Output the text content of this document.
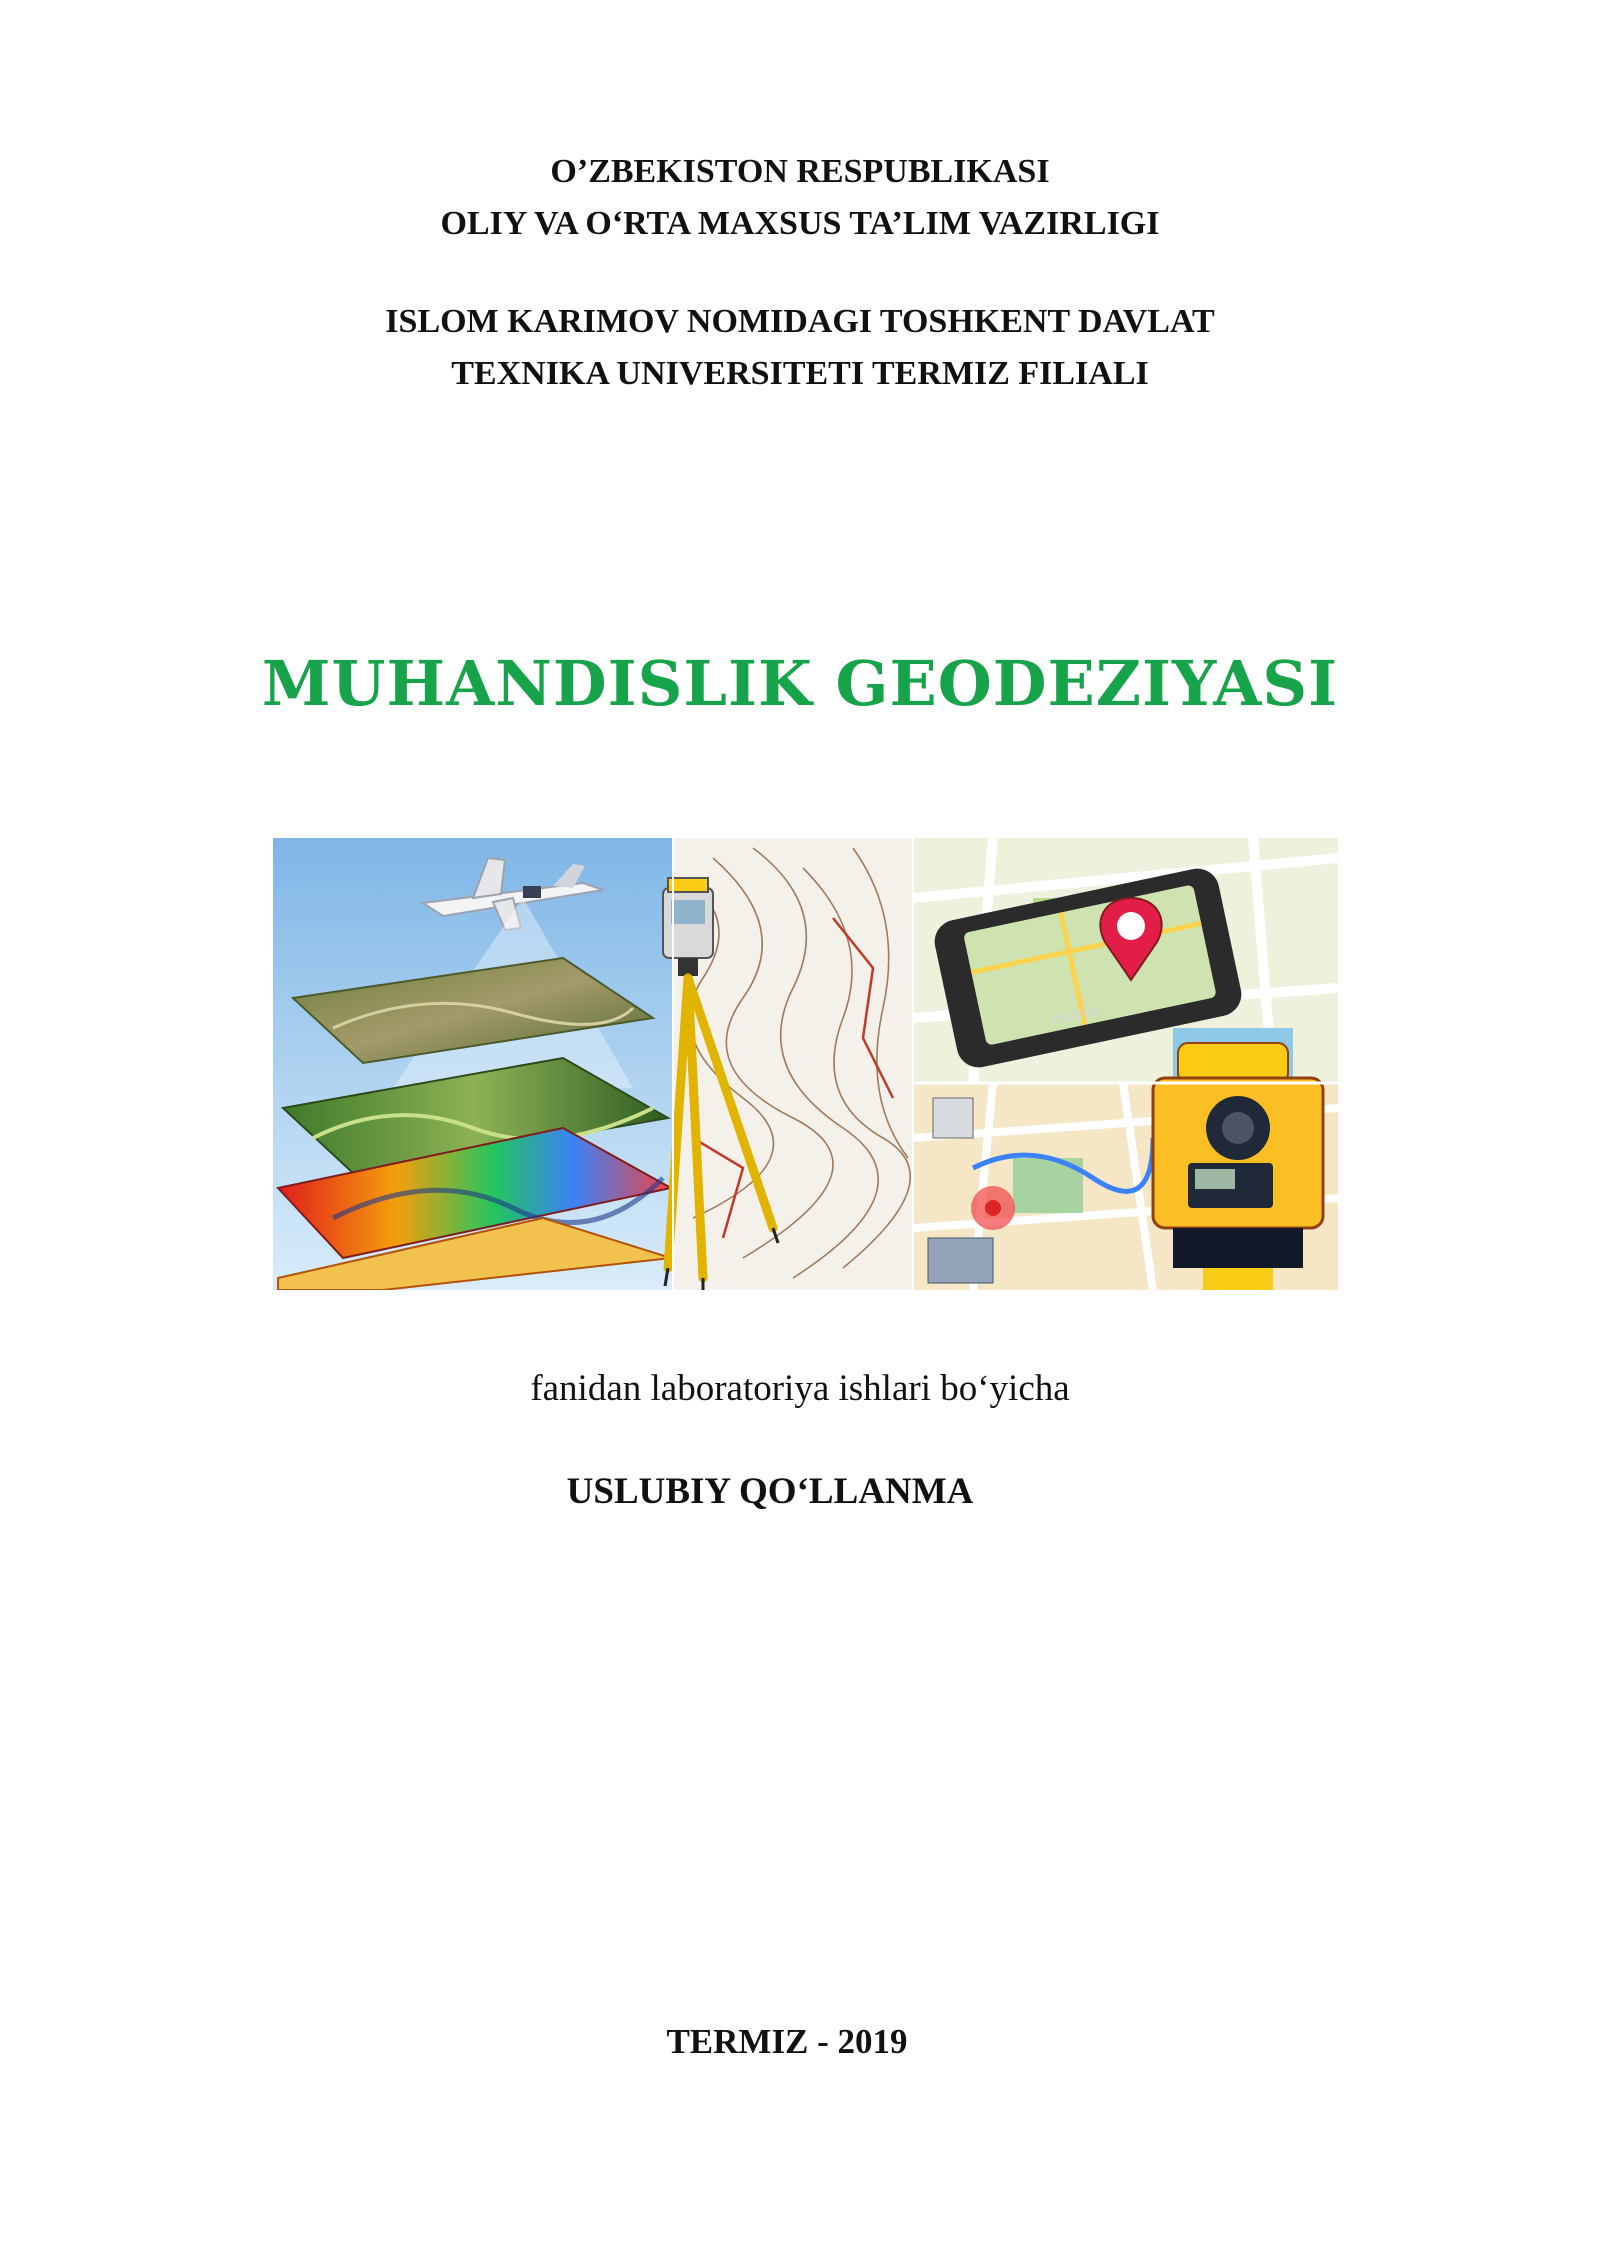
O’ZBEKISTON RESPUBLIKASI
OLIY VA O‘RTA MAXSUS TA’LIM VAZIRLIGI
ISLOM KARIMOV NOMIDAGI TOSHKENT DAVLAT
TEXNIKA UNIVERSITETI TERMIZ FILIALI
MUHANDISLIK GEODEZIYASI
mobile
fanidan laboratoriya ishlari bo‘yicha
USLUBIY QO‘LLANMA
TERMIZ - 2019
